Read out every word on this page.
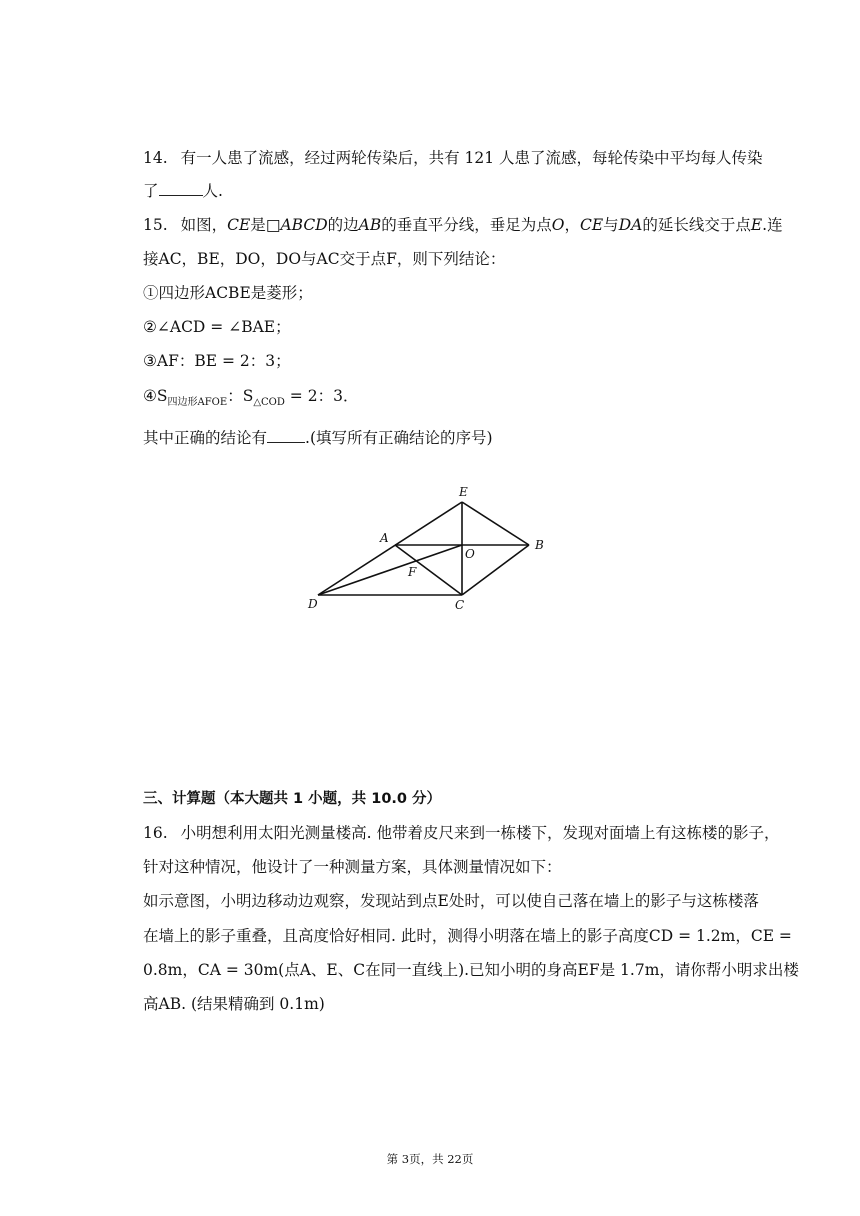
14. 有一人患了流感，经过两轮传染后，共有 121 人患了流感，每轮传染中平均每人传染
了	人.
15. 如图，CE是□ABCD的边AB的垂直平分线，垂足为点O，CE与DA的延长线交于点E.连
接AC，BE，DO，DO与AC交于点F，则下列结论：
①四边形ACBE是菱形；
②∠ACD = ∠BAE；
③AF：BE = 2：3；
$④S_{四边形AFOE}$：$S_{\triangle COD} = 2$：3．
其中正确的结论有 .(填写所有正确结论的序号)
E
A
O
B
F
D	C
三、计算题（本大题共 1 小题，共 10.0 分）
16. 小明想利用太阳光测量楼高. 他带着皮尺来到一栋楼下，发现对面墙上有这栋楼的影子，
针对这种情况，他设计了一种测量方案，具体测量情况如下：
如示意图，小明边移动边观察，发现站到点E处时，可以使自己落在墙上的影子与这栋楼落
在墙上的影子重叠，且高度恰好相同. 此时，测得小明落在墙上的影子高度CD = 1.2m，CE =
0.8m，CA = 30m(点A、E、C在同一直线上).已知小明的身高EF是 1.7m，请你帮小明求出楼
高AB. (结果精确到 0.1m)
第 3页，共 22页
